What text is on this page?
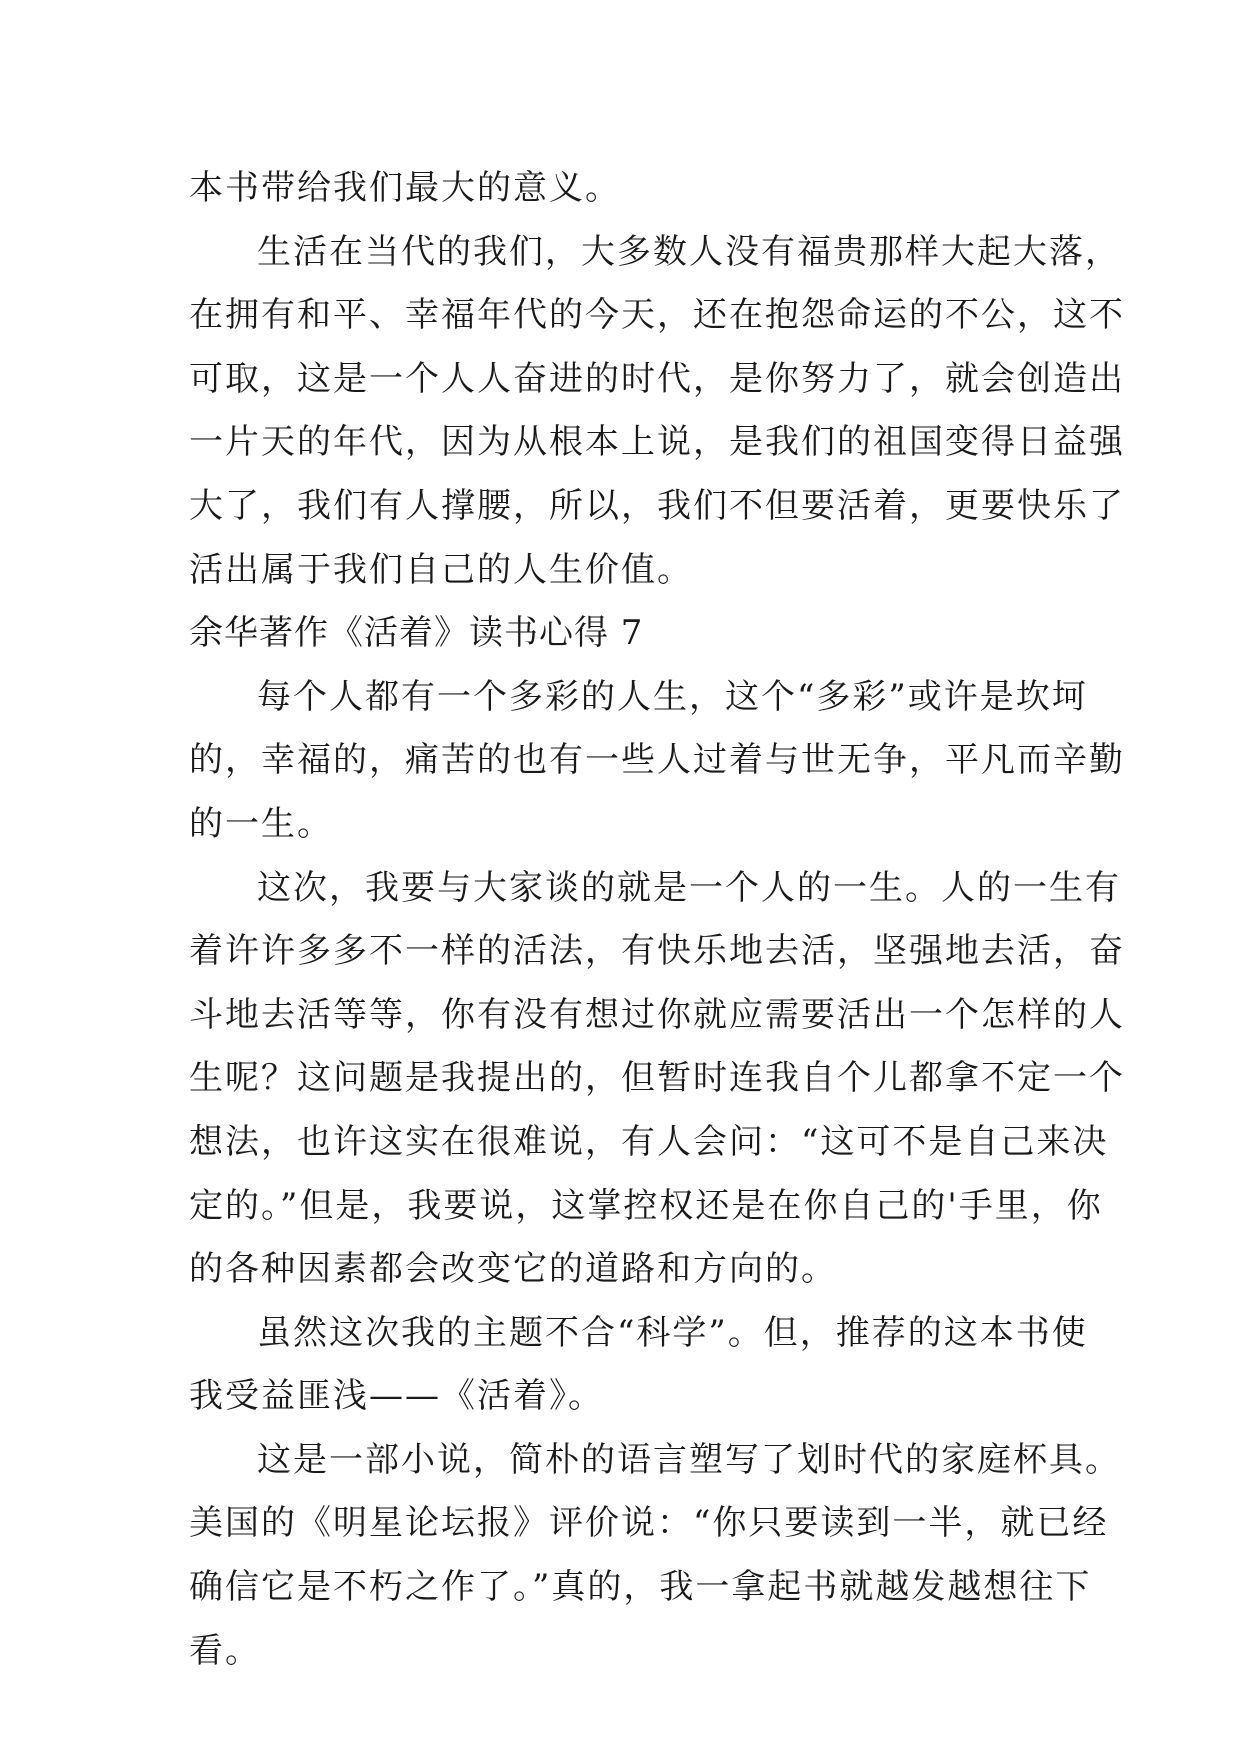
本书带给我们最大的意义。
生活在当代的我们，大多数人没有福贵那样大起大落，
在拥有和平、幸福年代的今天，还在抱怨命运的不公，这不
可取，这是一个人人奋进的时代，是你努力了，就会创造出
一片天的年代，因为从根本上说，是我们的祖国变得日益强
大了，我们有人撑腰，所以，我们不但要活着，更要快乐了
活出属于我们自己的人生价值。
余华著作《活着》读书心得 7
每个人都有一个多彩的人生，这个“多彩”或许是坎坷
的，幸福的，痛苦的也有一些人过着与世无争，平凡而辛勤
的一生。
这次，我要与大家谈的就是一个人的一生。人的一生有
着许许多多不一样的活法，有快乐地去活，坚强地去活，奋
斗地去活等等，你有没有想过你就应需要活出一个怎样的人
生呢？这问题是我提出的，但暂时连我自个儿都拿不定一个
想法，也许这实在很难说，有人会问：“这可不是自己来决
定的。”但是，我要说，这掌控权还是在你自己的'手里，你
的各种因素都会改变它的道路和方向的。
虽然这次我的主题不合“科学”。但，推荐的这本书使
我受益匪浅——《活着》。
这是一部小说，简朴的语言塑写了划时代的家庭杯具。
美国的《明星论坛报》评价说：“你只要读到一半，就已经
确信它是不朽之作了。”真的，我一拿起书就越发越想往下
看。
